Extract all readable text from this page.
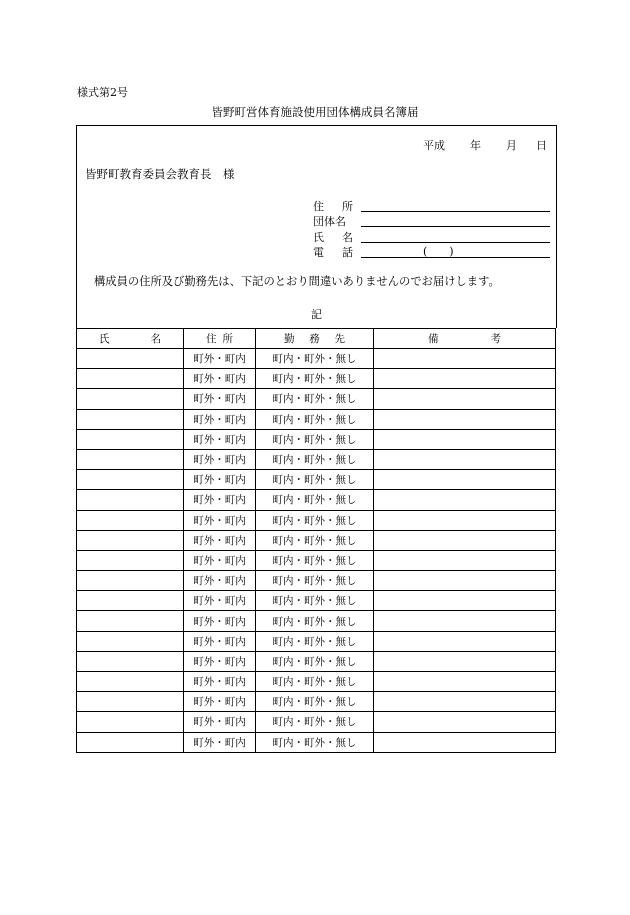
様式第2号
皆野町営体育施設使用団体構成員名簿届
平成 年 月 日
皆野町教育委員会教育長　様
住 所
団体名
氏 名
電 話	(　　)
構成員の住所及び勤務先は、下記のとおり間違いありませんのでお届けします。
記
氏 名	住 所	勤 務 先	備 考

	町外・町内	町内・町外・無し	
	町外・町内	町内・町外・無し	
	町外・町内	町内・町外・無し	
	町外・町内	町内・町外・無し	
	町外・町内	町内・町外・無し	
	町外・町内	町内・町外・無し	
	町外・町内	町内・町外・無し	
	町外・町内	町内・町外・無し	
	町外・町内	町内・町外・無し	
	町外・町内	町内・町外・無し	
	町外・町内	町内・町外・無し	
	町外・町内	町内・町外・無し	
	町外・町内	町内・町外・無し	
	町外・町内	町内・町外・無し	
	町外・町内	町内・町外・無し	
	町外・町内	町内・町外・無し	
	町外・町内	町内・町外・無し	
	町外・町内	町内・町外・無し	
	町外・町内	町内・町外・無し	
	町外・町内	町内・町外・無し	
